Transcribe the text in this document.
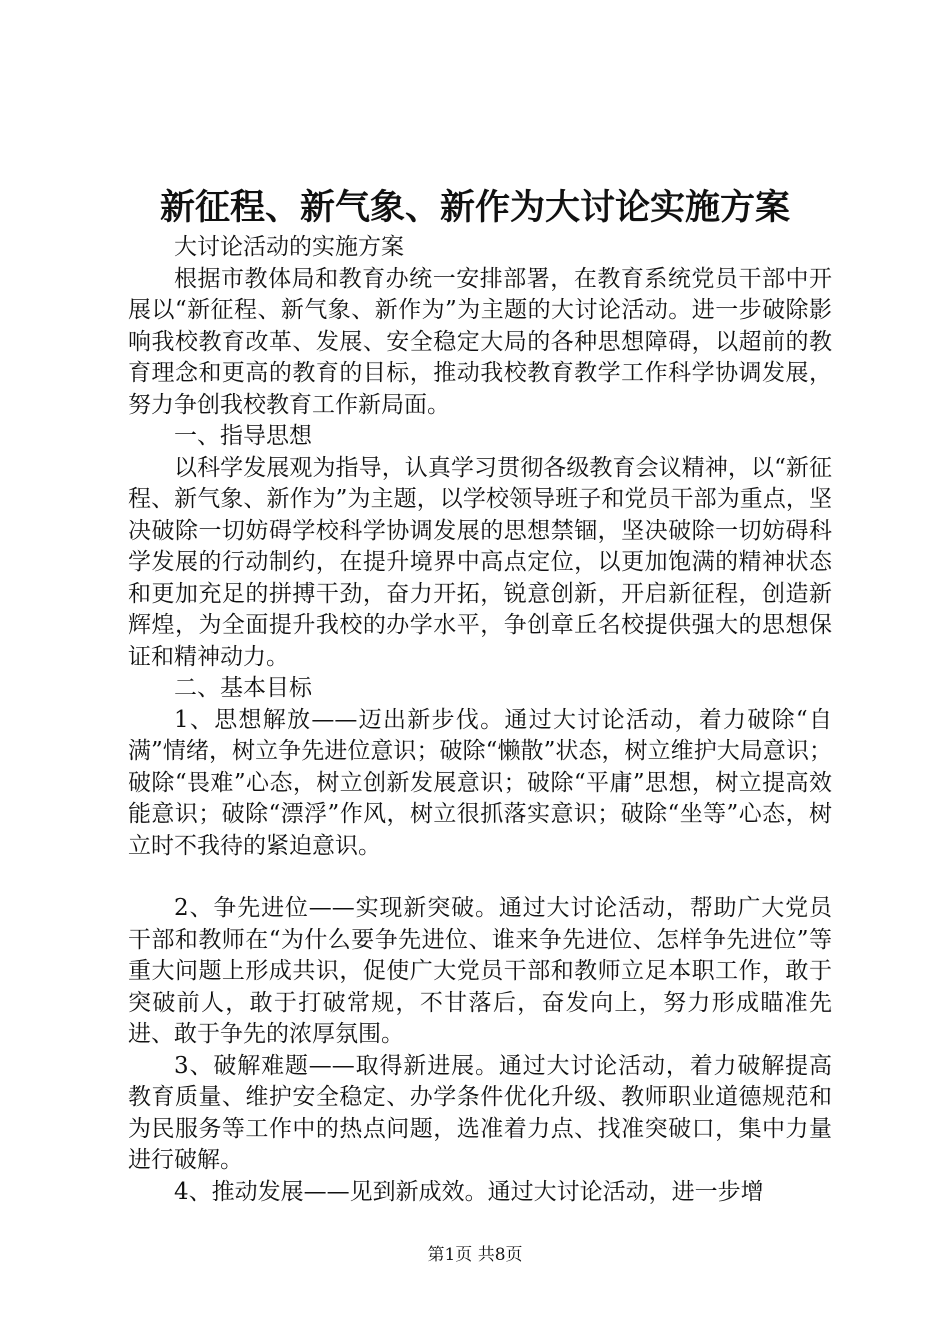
新征程、新气象、新作为大讨论实施方案

大讨论活动的实施方案

根据市教体局和教育办统一安排部署，在教育系统党员干部中开展以“新征程、新气象、新作为”为主题的大讨论活动。进一步破除影响我校教育改革、发展、安全稳定大局的各种思想障碍，以超前的教育理念和更高的教育的目标，推动我校教育教学工作科学协调发展，努力争创我校教育工作新局面。

一、指导思想

以科学发展观为指导，认真学习贯彻各级教育会议精神，以“新征程、新气象、新作为”为主题，以学校领导班子和党员干部为重点，坚决破除一切妨碍学校科学协调发展的思想禁锢，坚决破除一切妨碍科学发展的行动制约，在提升境界中高点定位，以更加饱满的精神状态和更加充足的拼搏干劲，奋力开拓，锐意创新，开启新征程，创造新辉煌，为全面提升我校的办学水平，争创章丘名校提供强大的思想保证和精神动力。

二、基本目标

1、思想解放——迈出新步伐。通过大讨论活动，着力破除“自满”情绪，树立争先进位意识；破除“懒散”状态，树立维护大局意识；破除“畏难”心态，树立创新发展意识；破除“平庸”思想，树立提高效能意识；破除“漂浮”作风，树立很抓落实意识；破除“坐等”心态，树立时不我待的紧迫意识。

2、争先进位——实现新突破。通过大讨论活动，帮助广大党员干部和教师在“为什么要争先进位、谁来争先进位、怎样争先进位”等重大问题上形成共识，促使广大党员干部和教师立足本职工作，敢于突破前人，敢于打破常规，不甘落后，奋发向上，努力形成瞄准先进、敢于争先的浓厚氛围。

3、破解难题——取得新进展。通过大讨论活动，着力破解提高教育质量、维护安全稳定、办学条件优化升级、教师职业道德规范和为民服务等工作中的热点问题，选准着力点、找准突破口，集中力量进行破解。

4、推动发展——见到新成效。通过大讨论活动，进一步增

第1页 共8页
